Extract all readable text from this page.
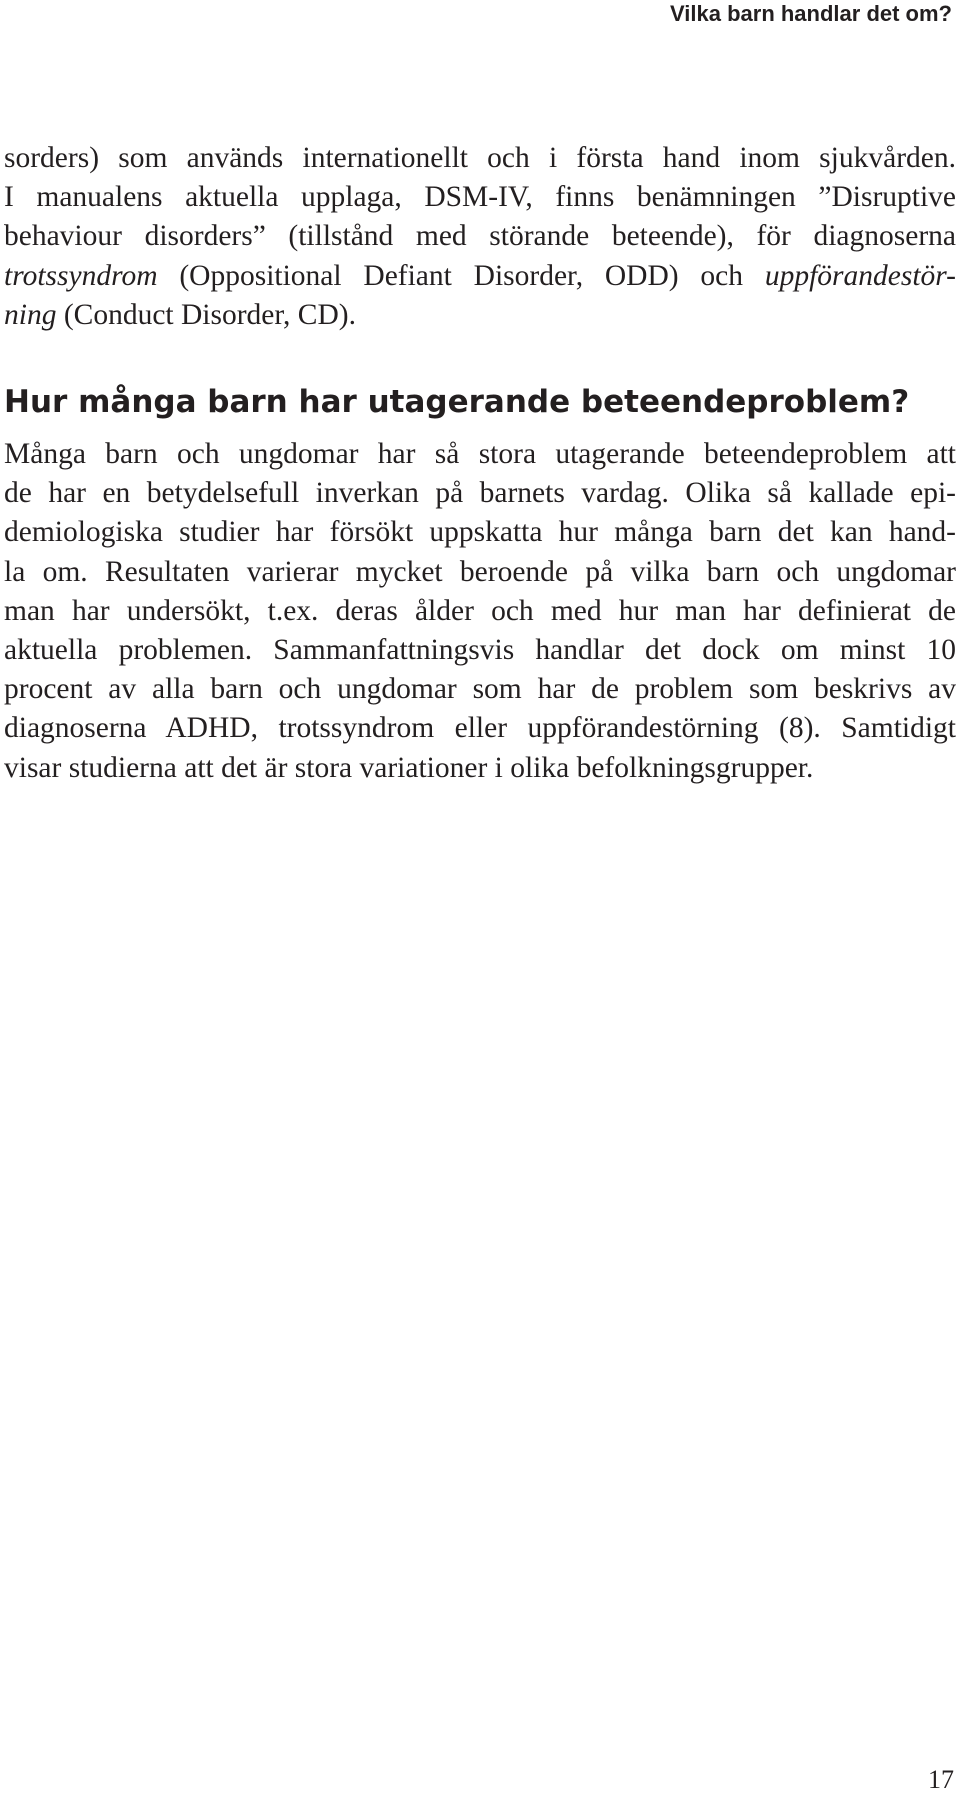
Vilka barn handlar det om?
sorders) som används internationellt och i första hand inom sjukvården.
I manualens aktuella upplaga, DSM-IV, finns benämningen ”Disruptive
behaviour disorders” (tillstånd med störande beteende), för diagnoserna
trotssyndrom (Oppositional Defiant Disorder, ODD) och uppförandestör-
ning (Conduct Disorder, CD).
Hur många barn har utagerande beteendeproblem?
Många barn och ungdomar har så stora utagerande beteendeproblem att
de har en betydelsefull inverkan på barnets vardag. Olika så kallade epi-
demiologiska studier har försökt uppskatta hur många barn det kan hand-
la om. Resultaten varierar mycket beroende på vilka barn och ungdomar
man har undersökt, t.ex. deras ålder och med hur man har definierat de
aktuella problemen. Sammanfattningsvis handlar det dock om minst 10
procent av alla barn och ungdomar som har de problem som beskrivs av
diagnoserna ADHD, trotssyndrom eller uppförandestörning (8). Samtidigt
visar studierna att det är stora variationer i olika befolkningsgrupper.
17
